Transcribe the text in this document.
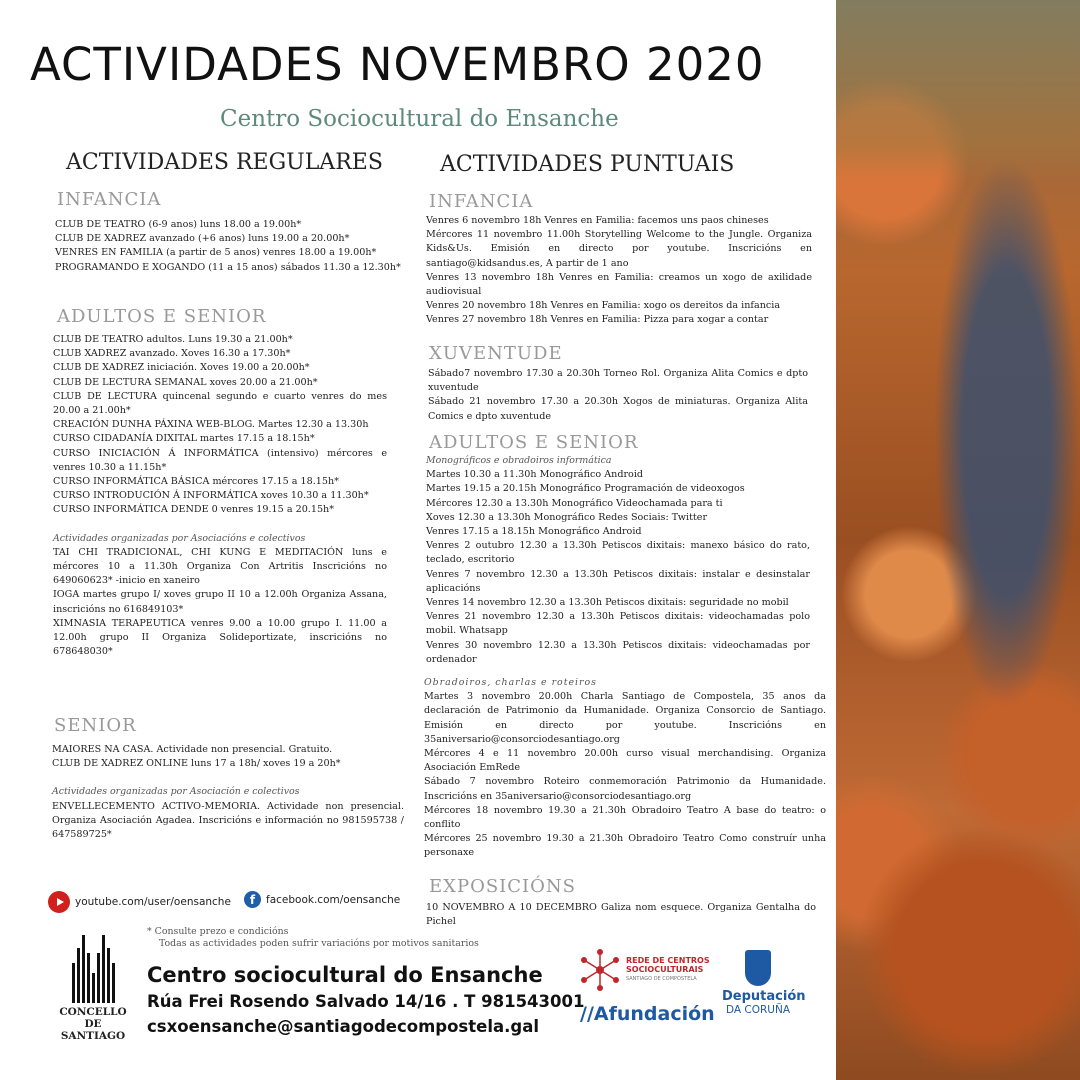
ACTIVIDADES NOVEMBRO 2020
Centro Sociocultural do Ensanche
ACTIVIDADES REGULARES
INFANCIA

CLUB DE TEATRO (6-9 anos) luns 18.00 a 19.00h*

CLUB DE XADREZ avanzado (+6 anos) luns 19.00 a 20.00h*

VENRES EN FAMILIA (a partir de 5 anos) venres 18.00 a 19.00h*

PROGRAMANDO E XOGANDO (11 a 15 anos) sábados 11.30 a 12.30h*

ADULTOS E SENIOR

CLUB DE TEATRO adultos. Luns 19.30 a 21.00h*

CLUB XADREZ avanzado. Xoves 16.30 a 17.30h*

CLUB DE XADREZ iniciación. Xoves 19.00 a 20.00h*

CLUB DE LECTURA SEMANAL xoves 20.00 a 21.00h*

CLUB DE LECTURA quincenal segundo e cuarto venres do mes 20.00 a 21.00h*

CREACIÓN DUNHA PÁXINA WEB-BLOG. Martes 12.30 a 13.30h

CURSO CIDADANÍA DIXITAL martes 17.15 a 18.15h*

CURSO INICIACIÓN Á INFORMÁTICA (intensivo) mércores e venres 10.30 a 11.15h*

CURSO INFORMÁTICA BÁSICA mércores 17.15 a 18.15h*

CURSO INTRODUCIÓN Á INFORMÁTICA xoves 10.30 a 11.30h*

CURSO INFORMÁTICA DENDE 0 venres 19.15 a 20.15h*

Actividades organizadas por Asociacións e colectivos

TAI CHI TRADICIONAL, CHI KUNG E MEDITACIÓN luns e mércores 10 a 11.30h Organiza Con Artritis Inscricións no 649060623* -inicio en xaneiro

IOGA martes grupo I/ xoves grupo II 10 a 12.00h Organiza Assana, inscricións no 616849103*

XIMNASIA TERAPEUTICA venres 9.00 a 10.00 grupo I. 11.00 a 12.00h grupo II Organiza Solideportizate, inscricións no 678648030*

SENIOR

MAIORES NA CASA. Actividade non presencial. Gratuito.

CLUB DE XADREZ ONLINE luns 17 a 18h/ xoves 19 a 20h*

Actividades organizadas por Asociación e colectivos

ENVELLECEMENTO ACTIVO-MEMORIA. Actividade non presencial. Organiza Asociación Agadea. Inscricións e información no 981595738 / 647589725*

ACTIVIDADES PUNTUAIS
INFANCIA

Venres 6 novembro 18h Venres en Familia: facemos uns paos chineses

Mércores 11 novembro 11.00h Storytelling Welcome to the Jungle. Organiza Kids&Us. Emisión en directo por youtube. Inscricións en santiago@kidsandus.es, A partir de 1 ano

Venres 13 novembro 18h Venres en Familia: creamos un xogo de axilidade audiovisual

Venres 20 novembro 18h Venres en Familia: xogo os dereitos da infancia

Venres 27 novembro 18h Venres en Familia: Pizza para xogar a contar

XUVENTUDE

Sábado7 novembro 17.30 a 20.30h Torneo Rol. Organiza Alita Comics e dpto xuventude

Sábado 21 novembro 17.30 a 20.30h Xogos de miniaturas. Organiza Alita Comics e dpto xuventude

ADULTOS E SENIOR

Monográficos e obradoiros informática

Martes 10.30 a 11.30h Monográfico Android

Martes 19.15 a 20.15h Monográfico Programación de videoxogos

Mércores 12.30 a 13.30h Monográfico Videochamada para ti

Xoves 12.30 a 13.30h Monográfico Redes Sociais: Twitter

Venres 17.15 a 18.15h Monográfico Android

Venres 2 outubro 12.30 a 13.30h Petiscos dixitais: manexo básico do rato, teclado, escritorio

Venres 7 novembro 12.30 a 13.30h Petiscos dixitais: instalar e desinstalar aplicacións

Venres 14 novembro 12.30 a 13.30h Petiscos dixitais: seguridade no mobil

Venres 21 novembro 12.30 a 13.30h Petiscos dixitais: videochamadas polo mobil. Whatsapp

Venres 30 novembro 12.30 a 13.30h Petiscos dixitais: videochamadas por ordenador

Obradoiros, charlas e roteiros

Martes 3 novembro 20.00h Charla Santiago de Compostela, 35 anos da declaración de Patrimonio da Humanidade. Organiza Consorcio de Santiago. Emisión en directo por youtube. Inscricións en 35aniversario@consorciodesantiago.org

Mércores 4 e 11 novembro 20.00h curso visual merchandising. Organiza Asociación EmRede

Sábado 7 novembro Roteiro conmemoración Patrimonio da Humanidade. Inscricións en 35aniversario@consorciodesantiago.org

Mércores 18 novembro 19.30 a 21.30h Obradoiro Teatro A base do teatro: o conflito

Mércores 25 novembro 19.30 a 21.30h Obradoiro Teatro Como construír unha personaxe

EXPOSICIÓNS

10 NOVEMBRO A 10 DECEMBRO Galiza nom esquece. Organiza Gentalha do Pichel

youtube.com/user/oensanche	f	facebook.com/oensanche
* Consulte prezo e condicións
Todas as actividades poden sufrir variacións por motivos sanitarios
CONCELLO DE
SANTIAGO
Centro sociocultural do Ensanche
Rúa Frei Rosendo Salvado 14/16 . T 981543001
csxoensanche@santiagodecompostela.gal
REDE DE CENTROS
SOCIOCULTURAIS
SANTIAGO DE COMPOSTELA
//Afundación
Deputación
DA CORUÑA
